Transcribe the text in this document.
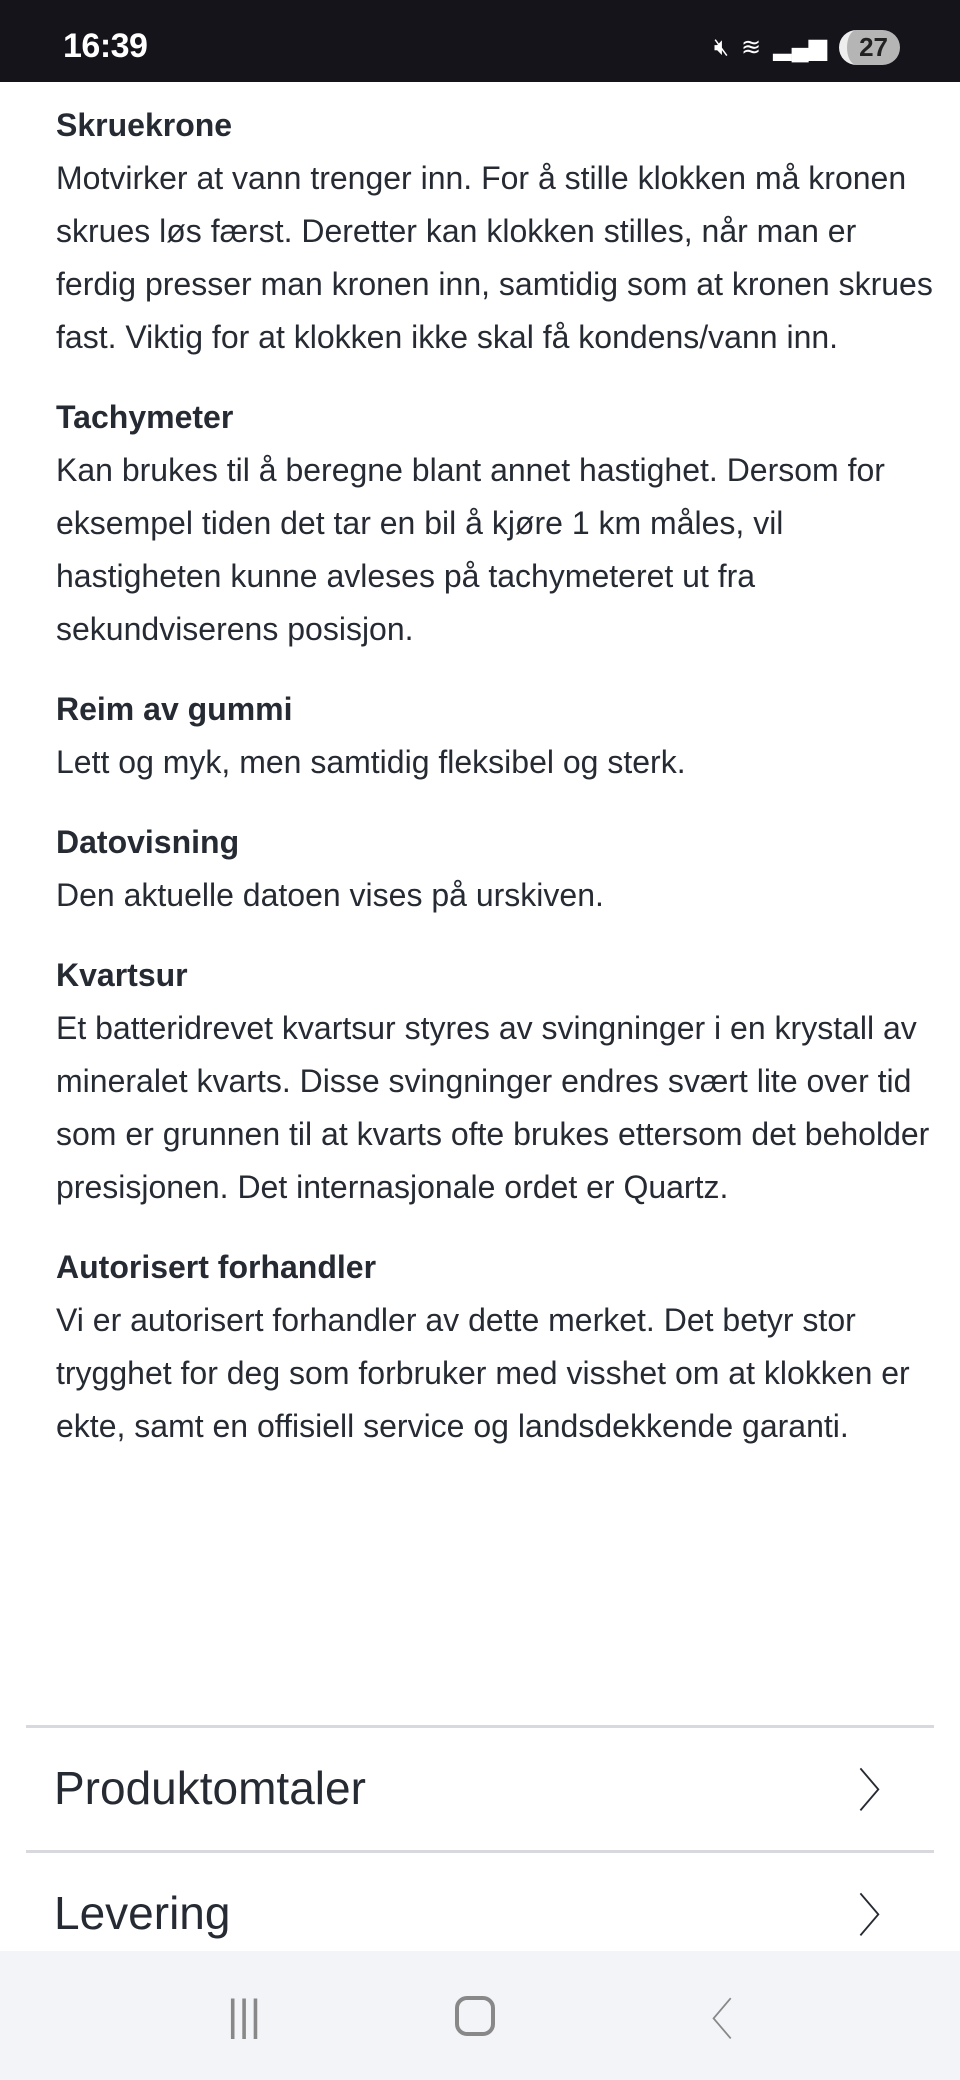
16:39	🔇︎ ≋ ▂▄▆	27
Skruekrone
Motvirker at vann trenger inn. For å stille klokken må kronen skrues løs færst. Deretter kan klokken stilles, når man er ferdig presser man kronen inn, samtidig som at kronen skrues fast. Viktig for at klokken ikke skal få kondens/vann inn.
Tachymeter
Kan brukes til å beregne blant annet hastighet. Dersom for eksempel tiden det tar en bil å kjøre 1 km måles, vil hastigheten kunne avleses på tachymeteret ut fra sekundviserens posisjon.
Reim av gummi
Lett og myk, men samtidig fleksibel og sterk.
Datovisning
Den aktuelle datoen vises på urskiven.
Kvartsur
Et batteridrevet kvartsur styres av svingninger i en krystall av mineralet kvarts. Disse svingninger endres svært lite over tid som er grunnen til at kvarts ofte brukes ettersom det beholder presisjonen. Det internasjonale ordet er Quartz.
Autorisert forhandler
Vi er autorisert forhandler av dette merket. Det betyr stor trygghet for deg som forbruker med visshet om at klokken er ekte, samt en offisiell service og landsdekkende garanti.
Produktomtaler	〉
Levering	〉
|||	〈
